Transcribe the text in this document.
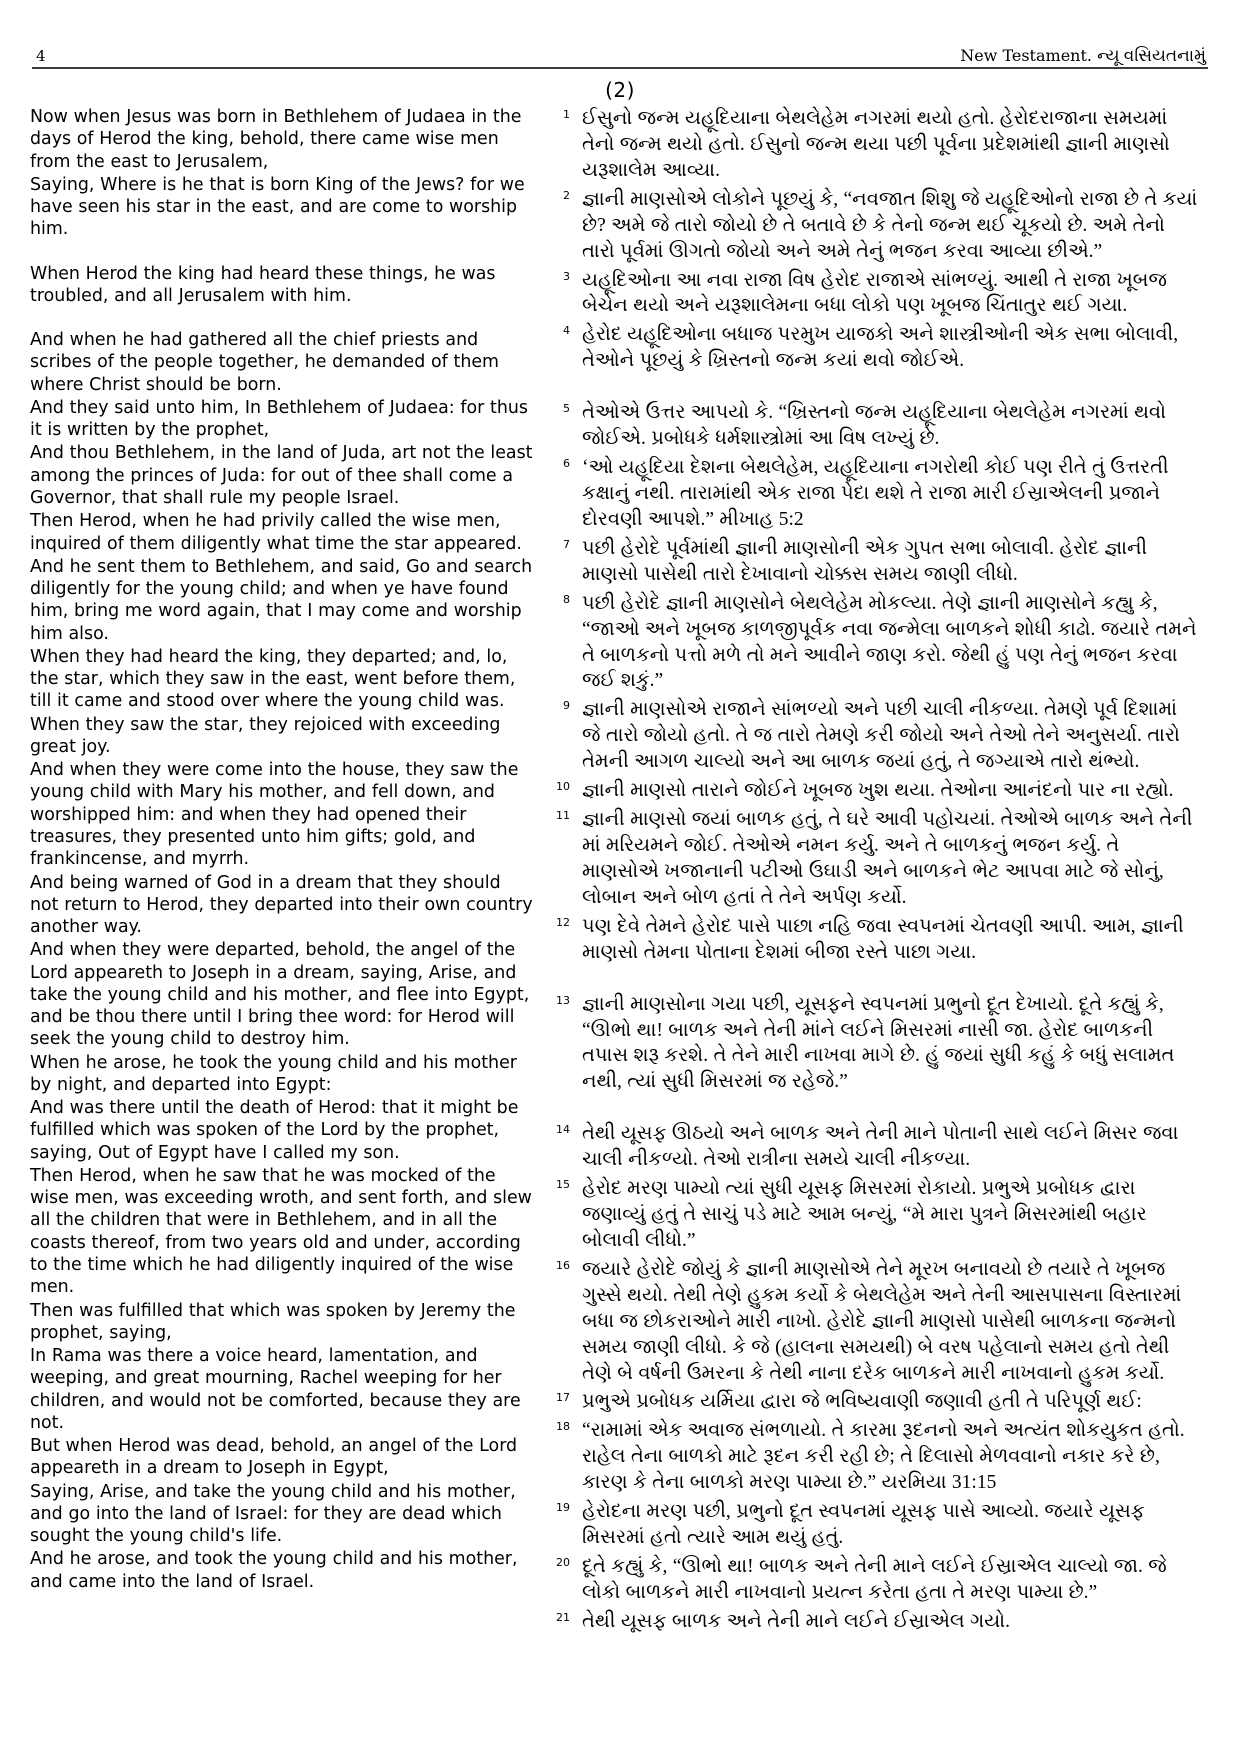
4	New Testament. ન્યૂ વસિયતનામું
(2)

Now when Jesus was born in Bethlehem of Judaea in the days of Herod the king, behold, there came wise men from the east to Jerusalem,

Saying, Where is he that is born King of the Jews? for we have seen his star in the east, and are come to worship him.

When Herod the king had heard these things, he was troubled, and all Jerusalem with him.

And when he had gathered all the chief priests and scribes of the people together, he demanded of them where Christ should be born.

And they said unto him, In Bethlehem of Judaea: for thus it is written by the prophet,

And thou Bethlehem, in the land of Juda, art not the least among the princes of Juda: for out of thee shall come a Governor, that shall rule my people Israel.

Then Herod, when he had privily called the wise men, inquired of them diligently what time the star appeared.

And he sent them to Bethlehem, and said, Go and search diligently for the young child; and when ye have found him, bring me word again, that I may come and worship him also.

When they had heard the king, they departed; and, lo, the star, which they saw in the east, went before them, till it came and stood over where the young child was.

When they saw the star, they rejoiced with exceeding great joy.

And when they were come into the house, they saw the young child with Mary his mother, and fell down, and worshipped him: and when they had opened their treasures, they presented unto him gifts; gold, and frankincense, and myrrh.

And being warned of God in a dream that they should not return to Herod, they departed into their own country another way.

And when they were departed, behold, the angel of the Lord appeareth to Joseph in a dream, saying, Arise, and take the young child and his mother, and flee into Egypt, and be thou there until I bring thee word: for Herod will seek the young child to destroy him.

When he arose, he took the young child and his mother by night, and departed into Egypt:

And was there until the death of Herod: that it might be fulfilled which was spoken of the Lord by the prophet, saying, Out of Egypt have I called my son.

Then Herod, when he saw that he was mocked of the wise men, was exceeding wroth, and sent forth, and slew all the children that were in Bethlehem, and in all the coasts thereof, from two years old and under, according to the time which he had diligently inquired of the wise men.

Then was fulfilled that which was spoken by Jeremy the prophet, saying,

In Rama was there a voice heard, lamentation, and weeping, and great mourning, Rachel weeping for her children, and would not be comforted, because they are not.

But when Herod was dead, behold, an angel of the Lord appeareth in a dream to Joseph in Egypt,

Saying, Arise, and take the young child and his mother, and go into the land of Israel: for they are dead which sought the young child's life.

And he arose, and took the young child and his mother, and came into the land of Israel.

1 ઈસુનો જન્મ યહૂદિયાના બેથલેહેમ નગરમાં થયો હતો. હેરોદરાજાના સમયમાં તેનો જન્મ થયો હતો. ઈસુનો જન્મ થયા પછી પૂર્વના પ્રદેશમાંથી જ્ઞાની માણસો યરૂશાલેમ આવ્યા.
2 જ્ઞાની માણસોએ લોકોને પૂછયું કે, “નવજાત શિશુ જે યહૂદિઓનો રાજા છે તે કયાં છે? અમે જે તારો જોયો છે તે બતાવે છે કે તેનો જન્મ થઈ ચૂકયો છે. અમે તેનો તારો પૂર્વમાં ઊગતો જોયો અને અમે તેનું ભજન કરવા આવ્યા છીએ.”
3 યહૂદિઓના આ નવા રાજા વિષ હેરોદ રાજાએ સાંભળ્યું. આથી તે રાજા ખૂબજ બેચેન થયો અને યરૂશાલેમના બધા લોકો પણ ખૂબજ ચિંતાતુર થઈ ગયા.
4 હેરોદ યહૂદિઓના બધાજ પરમુખ યાજકો અને શાસ્ત્રીઓની એક સભા બોલાવી, તેઓને પૂછયું કે ખ્રિસ્તનો જન્મ કયાં થવો જોઈએ.
5 તેઓએ ઉત્તર આપયો કે. “ખ્રિસ્તનો જન્મ યહૂદિયાના બેથલેહેમ નગરમાં થવો જોઈએ. પ્રબોધકે ધર્મશાસ્ત્રોમાં આ વિષ લખ્યું છે.
6 ‘ઓ યહૂદિયા દેશના બેથલેહેમ, યહૂદિયાના નગરોથી કોઈ પણ રીતે તું ઉત્તરતી કક્ષાનું નથી. તારામાંથી એક રાજા પેદા થશે તે રાજા મારી ઈસ્રાએલની પ્રજાને દોરવણી આપશે.” મીખાહ 5:2
7 પછી હેરોદે પૂર્વમાંથી જ્ઞાની માણસોની એક ગુપત સભા બોલાવી. હેરોદ જ્ઞાની માણસો પાસેથી તારો દેખાવાનો ચોક્કસ સમય જાણી લીધો.
8 પછી હેરોદે જ્ઞાની માણસોને બેથલેહેમ મોકલ્યા. તેણે જ્ઞાની માણસોને કહ્યુ કે, “જાઓ અને ખૂબજ કાળજીપૂર્વક નવા જન્મેલા બાળકને શોધી કાઢો. જયારે તમને તે બાળકનો પત્તો મળે તો મને આવીને જાણ કરો. જેથી હું પણ તેનું ભજન કરવા જઈ શકું.”
9 જ્ઞાની માણસોએ રાજાને સાંભળ્યો અને પછી ચાલી નીકળ્યા. તેમણે પૂર્વ દિશામાં જે તારો જોયો હતો. તે જ તારો તેમણે કરી જોયો અને તેઓ તેને અનુસર્યા. તારો તેમની આગળ ચાલ્યો અને આ બાળક જયાં હતું, તે જગ્યાએ તારો થંભ્યો.
10 જ્ઞાની માણસો તારાને જોઈને ખૂબજ ખુશ થયા. તેઓના આનંદનો પાર ના રહ્યો.
11 જ્ઞાની માણસો જયાં બાળક હતું, તે ઘરે આવી પહોચયાં. તેઓએ બાળક અને તેની માં મરિયમને જોઈ. તેઓએ નમન કર્યુ. અને તે બાળકનું ભજન કર્યુ. તે માણસોએ ખજાનાની પટીઓ ઉઘાડી અને બાળકને ભેટ આપવા માટે જે સોનું, લોબાન અને બોળ હતાં તે તેને અર્પણ કર્યો.
12 પણ દેવે તેમને હેરોદ પાસે પાછા નહિ જવા સ્વપનમાં ચેતવણી આપી. આમ, જ્ઞાની માણસો તેમના પોતાના દેશમાં બીજા રસ્તે પાછા ગયા.
13 જ્ઞાની માણસોના ગયા પછી, યૂસફને સ્વપનમાં પ્રભુનો દૂત દેખાયો. દૂતે કહ્યું કે, “ઊભો થા! બાળક અને તેની માંને લઈને મિસરમાં નાસી જા. હેરોદ બાળકની તપાસ શરૂ કરશે. તે તેને મારી નાખવા માગે છે. હું જયાં સુધી કહું કે બધું સલામત નથી, ત્યાં સુધી મિસરમાં જ રહેજે.”
14 તેથી યૂસફ ઊઠયો અને બાળક અને તેની માને પોતાની સાથે લઈને મિસર જવા ચાલી નીકળ્યો. તેઓ રાત્રીના સમયે ચાલી નીકળ્યા.
15 હેરોદ મરણ પામ્યો ત્યાં સુધી યૂસફ મિસરમાં રોકાયો. પ્રભુએ પ્રબોધક દ્વારા જણાવ્યું હતું તે સાચું પડે માટે આમ બન્યું, “મે મારા પુત્રને મિસરમાંથી બહાર બોલાવી લીધો.”
16 જયારે હેરોદે જોયું કે જ્ઞાની માણસોએ તેને મૂરખ બનાવયો છે તયારે તે ખૂબજ ગુસ્સે થયો. તેથી તેણે હુકમ કર્યો કે બેથલેહેમ અને તેની આસપાસના વિસ્તારમાં બધા જ છોકરાઓને મારી નાખો. હેરોદે જ્ઞાની માણસો પાસેથી બાળકના જન્મનો સમય જાણી લીધો. કે જે (હાલના સમયથી) બે વરષ પહેલાનો સમય હતો તેથી તેણે બે વર્ષની ઉમરના કે તેથી નાના દરેક બાળકને મારી નાખવાનો હુકમ કર્યો.
17 પ્રભુએ પ્રબોધક યર્મિયા દ્વારા જે ભવિષ્યવાણી જણાવી હતી તે પરિપૂર્ણ થઈ:
18 “રામામાં એક અવાજ સંભળાયો. તે કારમા રૂદનનો અને અત્યંત શોકયુકત હતો. રાહેલ તેના બાળકો માટે રૂદન કરી રહી છે; તે દિલાસો મેળવવાનો નકાર કરે છે, કારણ કે તેના બાળકો મરણ પામ્યા છે.” યરમિયા 31:15
19 હેરોદના મરણ પછી, પ્રભુનો દૂત સ્વપનમાં યૂસફ પાસે આવ્યો. જયારે યૂસફ મિસરમાં હતો ત્યારે આમ થયું હતું.
20 દૂતે કહ્યું કે, “ઊભો થા! બાળક અને તેની માને લઈને ઈસ્રાએલ ચાલ્યો જા. જે લોકો બાળકને મારી નાખવાનો પ્રયત્ન કરેતા હતા તે મરણ પામ્યા છે.”
21 તેથી યૂસફ બાળક અને તેની માને લઈને ઈસ્રાએલ ગયો.
